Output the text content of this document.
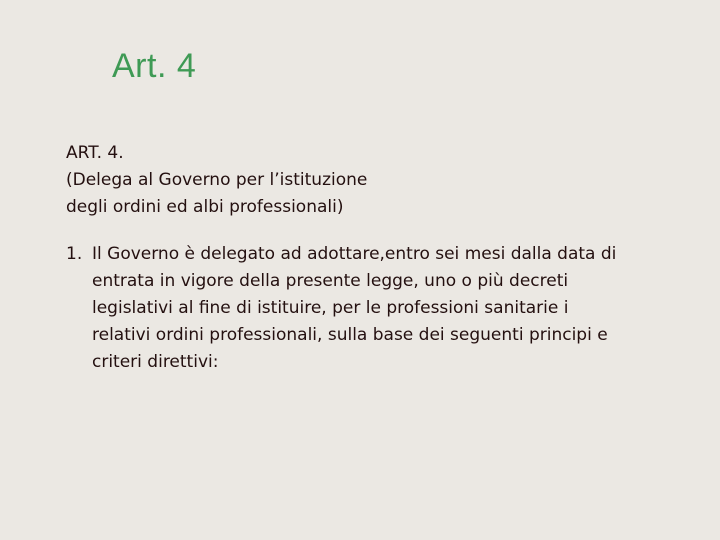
Art. 4
ART. 4.
(Delega al Governo per l’istituzione
degli ordini ed albi professionali)
1. Il Governo è delegato ad adottare,entro sei mesi dalla data di entrata in vigore della presente legge, uno o più decreti legislativi al fine di istituire, per le professioni sanitarie i relativi ordini professionali, sulla base dei seguenti principi e criteri direttivi:
